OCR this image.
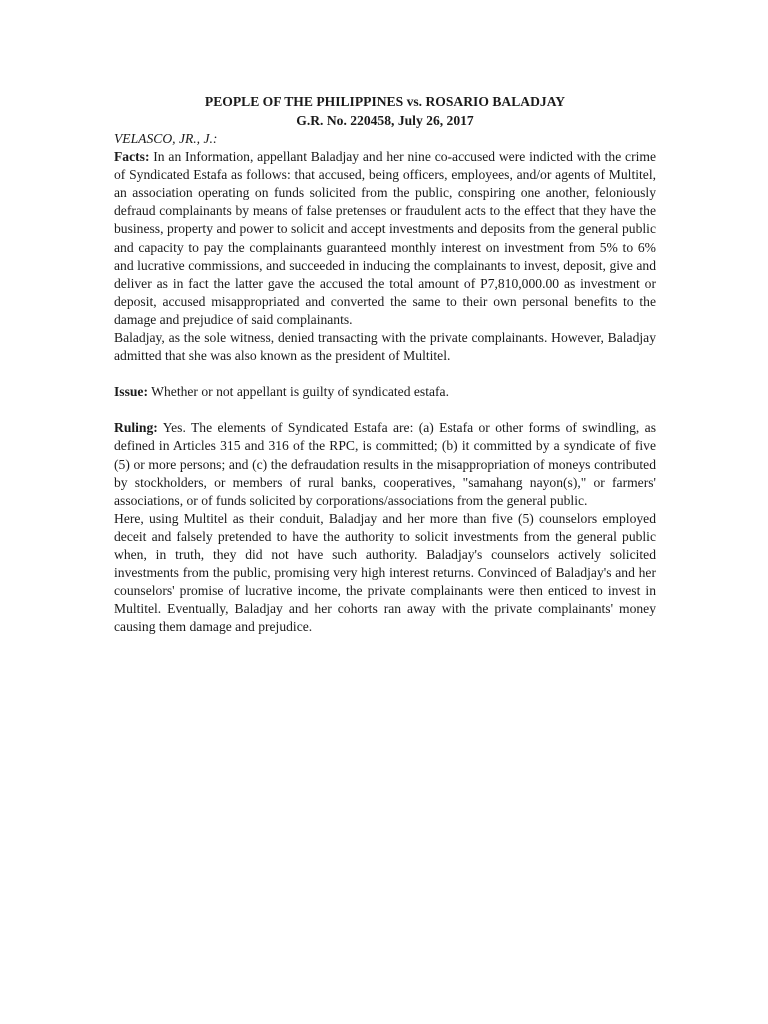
PEOPLE OF THE PHILIPPINES vs. ROSARIO BALADJAY

G.R. No. 220458, July 26, 2017

VELASCO, JR., J.:

Facts: In an Information, appellant Baladjay and her nine co-accused were indicted with the crime of Syndicated Estafa as follows: that accused, being officers, employees, and/or agents of Multitel, an association operating on funds solicited from the public, conspiring one another, feloniously defraud complainants by means of false pretenses or fraudulent acts to the effect that they have the business, property and power to solicit and accept investments and deposits from the general public and capacity to pay the complainants guaranteed monthly interest on investment from 5% to 6% and lucrative commissions, and succeeded in inducing the complainants to invest, deposit, give and deliver as in fact the latter gave the accused the total amount of P7,810,000.00 as investment or deposit, accused misappropriated and converted the same to their own personal benefits to the damage and prejudice of said complainants.

Baladjay, as the sole witness, denied transacting with the private complainants. However, Baladjay admitted that she was also known as the president of Multitel.

Issue: Whether or not appellant is guilty of syndicated estafa.

Ruling: Yes. The elements of Syndicated Estafa are: (a) Estafa or other forms of swindling, as defined in Articles 315 and 316 of the RPC, is committed; (b) it committed by a syndicate of five (5) or more persons; and (c) the defraudation results in the misappropriation of moneys contributed by stockholders, or members of rural banks, cooperatives, "samahang nayon(s)," or farmers' associations, or of funds solicited by corporations/associations from the general public.

Here, using Multitel as their conduit, Baladjay and her more than five (5) counselors employed deceit and falsely pretended to have the authority to solicit investments from the general public when, in truth, they did not have such authority. Baladjay's counselors actively solicited investments from the public, promising very high interest returns. Convinced of Baladjay's and her counselors' promise of lucrative income, the private complainants were then enticed to invest in Multitel. Eventually, Baladjay and her cohorts ran away with the private complainants' money causing them damage and prejudice.
